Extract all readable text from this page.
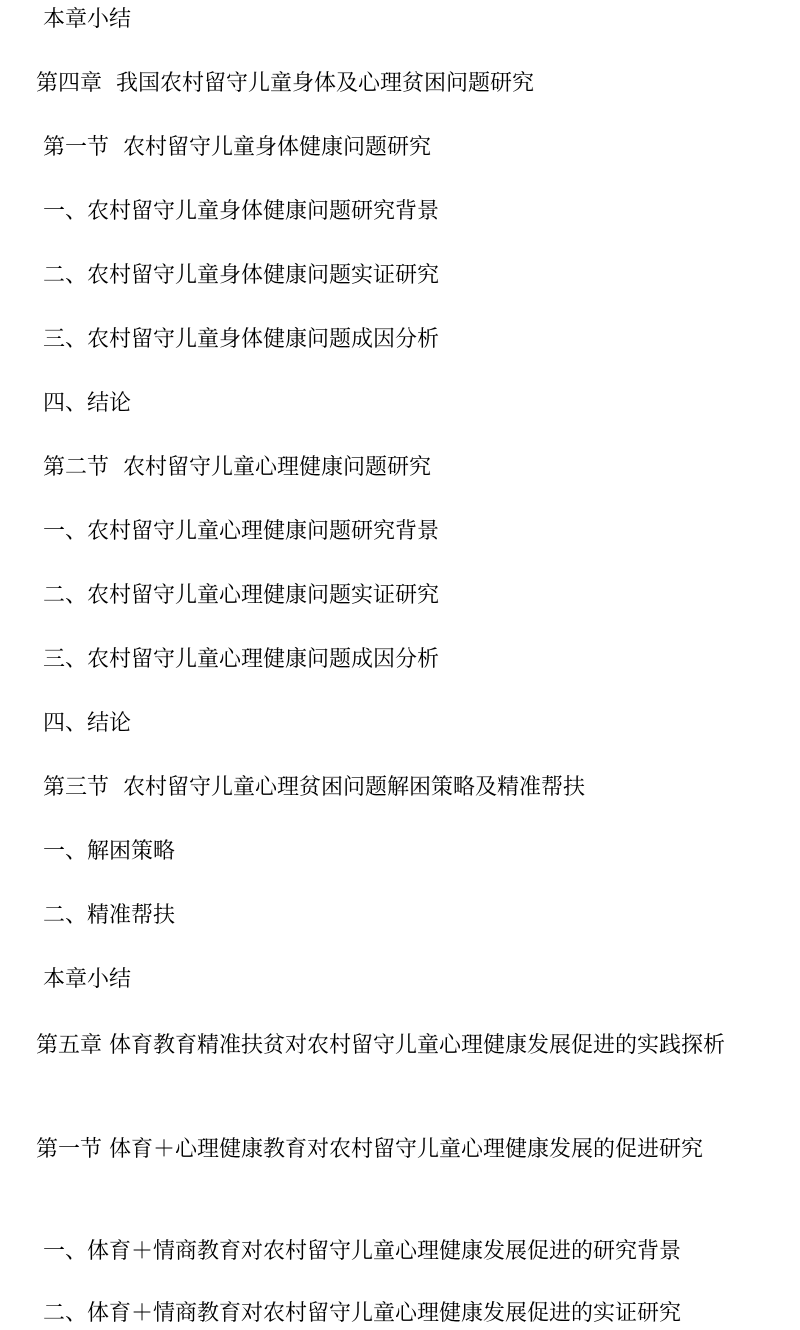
本章小结
第四章  我国农村留守儿童身体及心理贫困问题研究
第一节  农村留守儿童身体健康问题研究
一、农村留守儿童身体健康问题研究背景
二、农村留守儿童身体健康问题实证研究
三、农村留守儿童身体健康问题成因分析
四、结论
第二节  农村留守儿童心理健康问题研究
一、农村留守儿童心理健康问题研究背景
二、农村留守儿童心理健康问题实证研究
三、农村留守儿童心理健康问题成因分析
四、结论
第三节  农村留守儿童心理贫困问题解困策略及精准帮扶
一、解困策略
二、精准帮扶
本章小结
第五章 体育教育精准扶贫对农村留守儿童心理健康发展促进的实践探析
第一节 体育＋心理健康教育对农村留守儿童心理健康发展的促进研究
一、体育＋情商教育对农村留守儿童心理健康发展促进的研究背景
二、体育＋情商教育对农村留守儿童心理健康发展促进的实证研究
